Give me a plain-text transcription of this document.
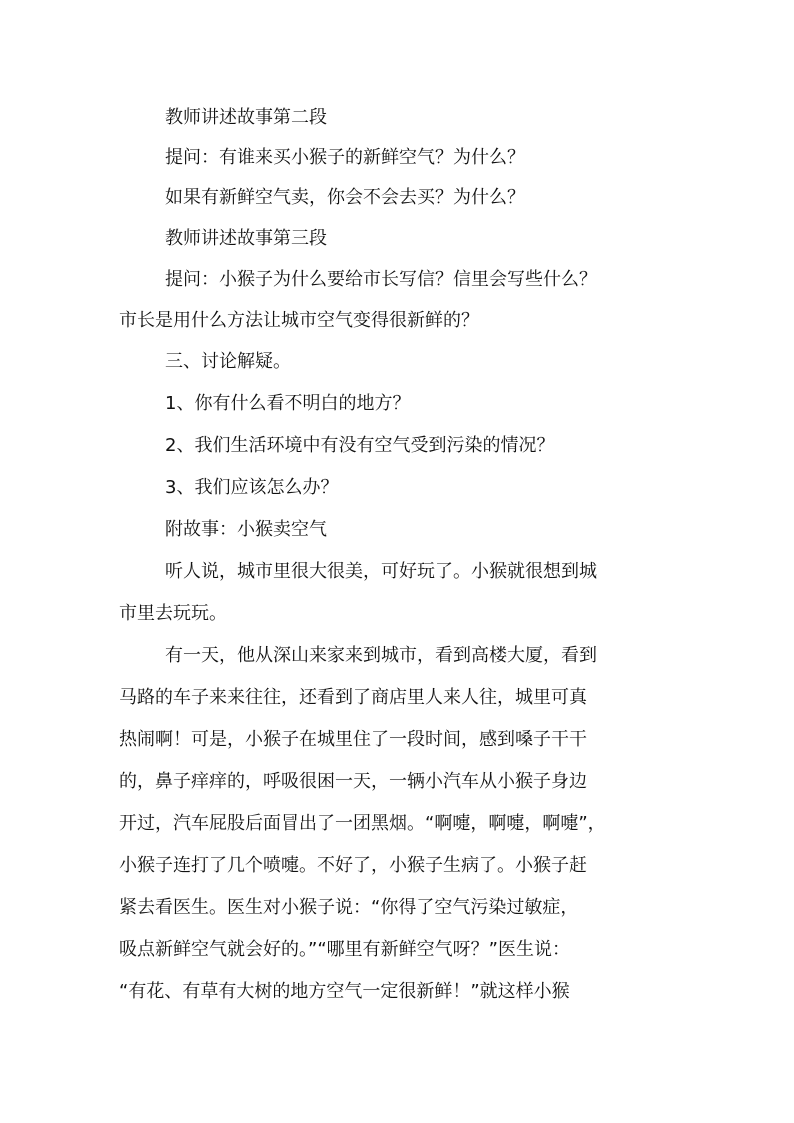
教师讲述故事第二段

提问：有谁来买小猴子的新鲜空气？为什么？

如果有新鲜空气卖，你会不会去买？为什么？

教师讲述故事第三段

提问：小猴子为什么要给市长写信？信里会写些什么？

市长是用什么方法让城市空气变得很新鲜的？

三、讨论解疑。

1、你有什么看不明白的地方？

2、我们生活环境中有没有空气受到污染的情况？

3、我们应该怎么办？

附故事：小猴卖空气

听人说，城市里很大很美，可好玩了。小猴就很想到城

市里去玩玩。

有一天，他从深山来家来到城市，看到高楼大厦，看到

马路的车子来来往往，还看到了商店里人来人往，城里可真

热闹啊！可是，小猴子在城里住了一段时间，感到嗓子干干

的，鼻子痒痒的，呼吸很困一天，一辆小汽车从小猴子身边

开过，汽车屁股后面冒出了一团黑烟。“啊嚏，啊嚏，啊嚏”，

小猴子连打了几个喷嚏。不好了，小猴子生病了。小猴子赶

紧去看医生。医生对小猴子说：“你得了空气污染过敏症，

吸点新鲜空气就会好的。”“哪里有新鲜空气呀？”医生说：

“有花、有草有大树的地方空气一定很新鲜！”就这样小猴
